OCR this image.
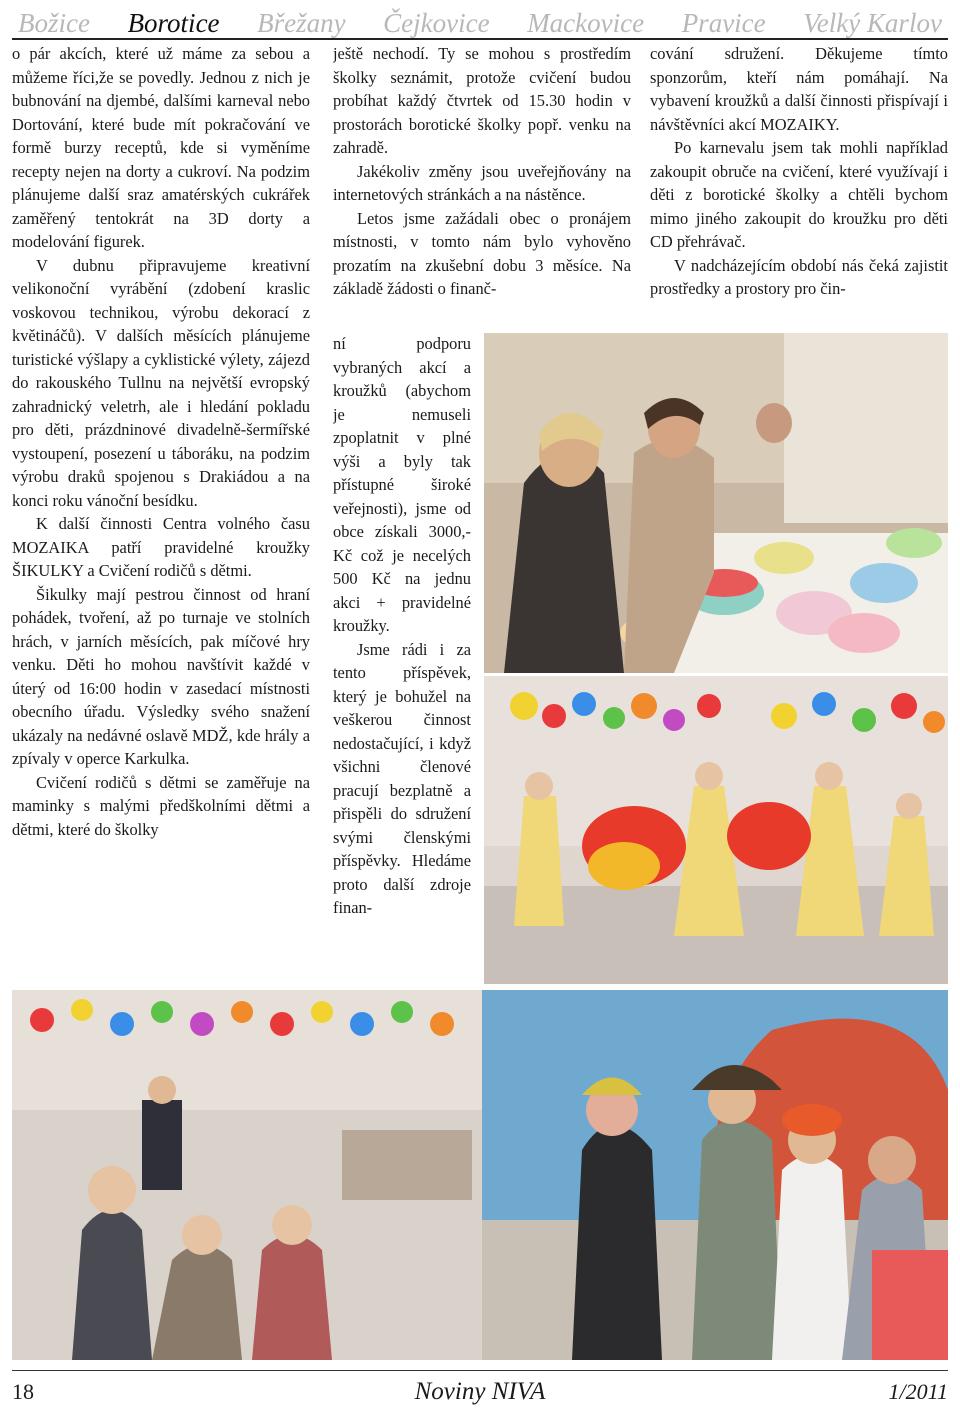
Božice Borotice Břežany Čejkovice Mackovice Pravice Velký Karlov

o pár akcích, které už máme za sebou a můžeme říci,že se povedly. Jednou z nich je bubnování na djembé, dalšími karneval nebo Dortování, které bude mít pokračování ve formě burzy receptů, kde si vyměníme recepty nejen na dorty a cukroví. Na podzim plánujeme další sraz amatérských cukrářek zaměřený tentokrát na 3D dorty a modelování figurek.

V dubnu připravujeme kreativní velikonoční vyrábění (zdobení kraslic voskovou technikou, výrobu dekorací z květináčů). V dalších měsících plánujeme turistické výšlapy a cyklistické výlety, zájezd do rakouského Tullnu na největší evropský zahradnický veletrh, ale i hledání pokladu pro děti, prázdninové divadelně-šermířské vystoupení, posezení u táboráku, na podzim výrobu draků spojenou s Drakiádou a na konci roku vánoční besídku.

K další činnosti Centra volného času MOZAIKA patří pravidelné kroužky ŠIKULKY a Cvičení rodičů s dětmi.

Šikulky mají pestrou činnost od hraní pohádek, tvoření, až po turnaje ve stolních hrách, v jarních měsících, pak míčové hry venku. Děti ho mohou navštívit každé v úterý od 16:00 hodin v zasedací místnosti obecního úřadu. Výsledky svého snažení ukázaly na nedávné oslavě MDŽ, kde hrály a zpívaly v operce Karkulka.

Cvičení rodičů s dětmi se zaměřuje na maminky s malými předškolními dětmi a dětmi, které do školky

ještě nechodí. Ty se mohou s prostředím školky seznámit, protože cvičení budou probíhat každý čtvrtek od 15.30 hodin v prostorách borotické školky popř. venku na zahradě.

Jakékoliv změny jsou uveřejňovány na internetových stránkách a na nástěnce.

Letos jsme zažádali obec o pronájem místnosti, v tomto nám bylo vyhověno prozatím na zkušební dobu 3 měsíce. Na základě žádosti o finanč-

ní podporu vybraných akcí a kroužků (abychom je nemuseli zpoplatnit v plné výši a byly tak přístupné široké veřejnosti), jsme od obce získali 3000,- Kč což je necelých 500 Kč na jednu akci + pravidelné kroužky.

Jsme rádi i za tento příspěvek, který je bohužel na veškerou činnost nedostačující, i když všichni členové pracují bezplatně a přispěli do sdružení svými členskými příspěvky. Hledáme proto další zdroje finan-

cování sdružení. Děkujeme tímto sponzorům, kteří nám pomáhají. Na vybavení kroužků a další činnosti přispívají i návštěvníci akcí MOZAIKY.

Po karnevalu jsem tak mohli například zakoupit obruče na cvičení, které využívají i děti z borotické školky a chtěli bychom mimo jiného zakoupit do kroužku pro děti CD přehrávač.

V nadcházejícím období nás čeká zajistit prostředky a prostory pro čin-

18	Noviny NIVA	1/2011
